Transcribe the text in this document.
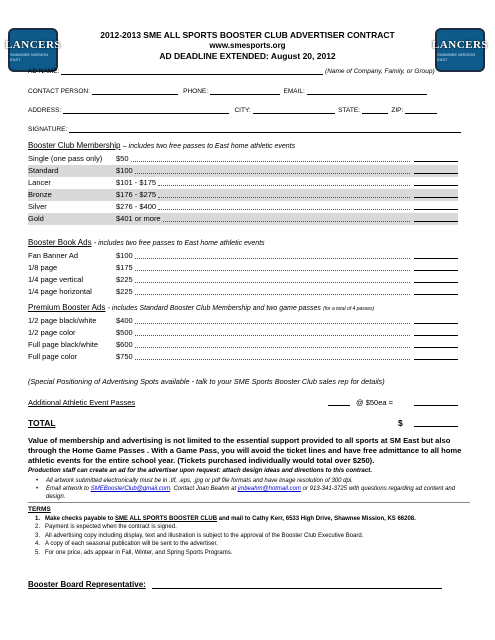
LANCERS
SHAWNEE MISSION EAST
LANCERS
SHAWNEE MISSION EAST
2012-2013 SME ALL SPORTS BOOSTER CLUB ADVERTISER CONTRACT
www.smesports.org
AD DEADLINE EXTENDED: August 20, 2012
AD NAME:	(Name of Company, Family, or Group)
CONTACT PERSON:	PHONE:	EMAIL:
ADDRESS:	CITY:	STATE:	ZIP:
SIGNATURE:
Booster Club Membership – includes two free passes to East home athletic events
Single (one pass only)	$50
Standard	$100
Lancer	$101 - $175
Bronze	$176 - $275
Silver	$276 - $400
Gold	$401 or more
Booster Book Ads - includes two free passes to East home athletic events
Fan Banner Ad	$100
1/8 page	$175
1/4 page vertical	$225
1/4 page horizontal	$225
Premium Booster Ads - includes Standard Booster Club Membership and two game passes (for a total of 4 passes)
1/2 page black/white	$400
1/2 page color	$500
Full page black/white	$600
Full page color	$750
(Special Positioning of Advertising Spots available - talk to your SME Sports Booster Club sales rep for details)
Additional Athletic Event Passes	@ $50ea =
TOTAL	$
Value of membership and advertising is not limited to the essential support provided to all sports at SM East but also through the Home Game Passes . With a Game Pass, you will avoid the ticket lines and have free admittance to all home athletic events for the entire school year. (Tickets purchased individually would total over $250).
Production staff can create an ad for the advertiser upon request: attach design ideas and directions to this contract.
• All artwork submitted electronically must be in .tif, .eps, .jpg or pdf file formats and have image resolution of 300 dpi.
• Email artwork to SMEBoosterClub@gmail.com. Contact Joan Beahm at jmbeahm@hotmail.com or 913-341-3725 with questions regarding ad content and design.
TERMS
1. Make checks payable to SME ALL SPORTS BOOSTER CLUB and mail to Cathy Kerr, 6533 High Drive, Shawnee Mission, KS 66208.
2. Payment is expected when the contract is signed.
3. All advertising copy including display, text and illustration is subject to the approval of the Booster Club Executive Board.
4. A copy of each seasonal publication will be sent to the advertiser.
5. For one price, ads appear in Fall, Winter, and Spring Sports Programs.
Booster Board Representative:
